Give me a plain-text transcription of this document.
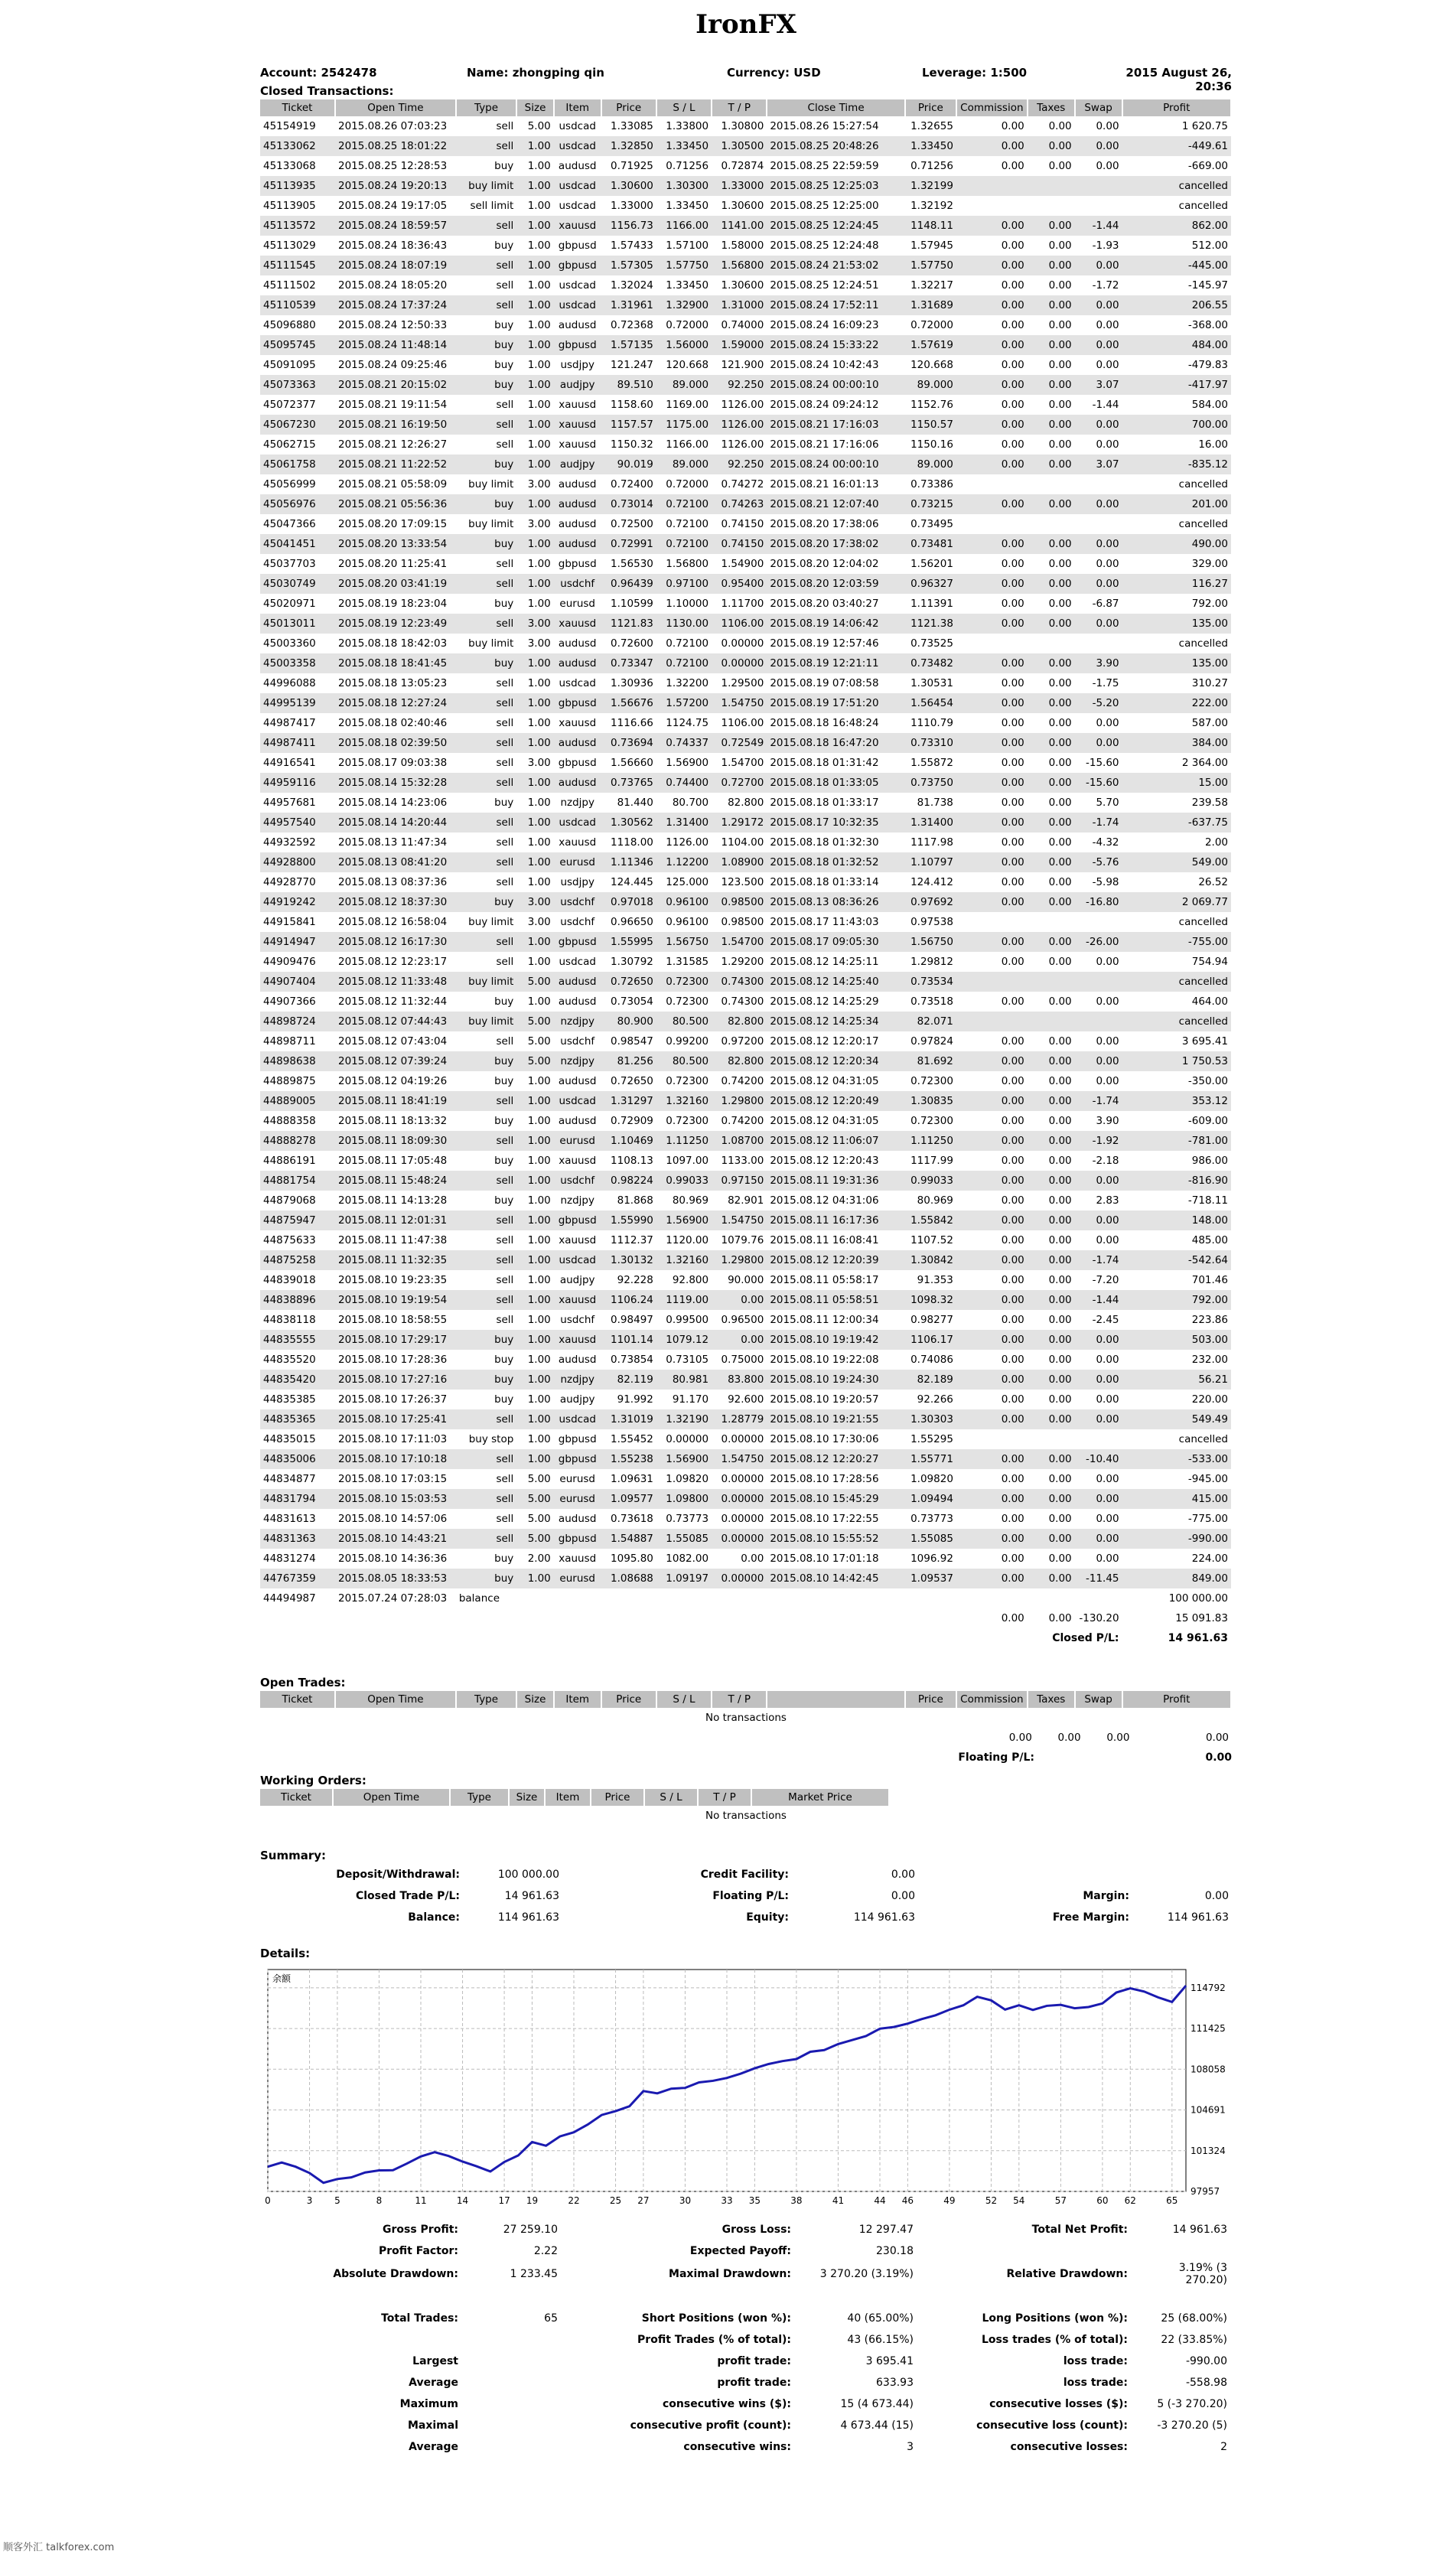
IronFX
Account: 2542478	Name: zhongping qin	Currency: USD	Leverage: 1:500	2015 August 26, 20:36
Closed Transactions:
Ticket	Open Time	Type	Size	Item	Price	S / L	T / P	Close Time	Price	Commission	Taxes	Swap	Profit
45154919	2015.08.26 07:03:23	sell	5.00	usdcad	1.33085	1.33800	1.30800	2015.08.26 15:27:54	1.32655	0.00	0.00	0.00	1 620.75
45133062	2015.08.25 18:01:22	sell	1.00	usdcad	1.32850	1.33450	1.30500	2015.08.25 20:48:26	1.33450	0.00	0.00	0.00	-449.61
45133068	2015.08.25 12:28:53	buy	1.00	audusd	0.71925	0.71256	0.72874	2015.08.25 22:59:59	0.71256	0.00	0.00	0.00	-669.00
45113935	2015.08.24 19:20:13	buy limit	1.00	usdcad	1.30600	1.30300	1.33000	2015.08.25 12:25:03	1.32199				cancelled
45113905	2015.08.24 19:17:05	sell limit	1.00	usdcad	1.33000	1.33450	1.30600	2015.08.25 12:25:00	1.32192				cancelled
45113572	2015.08.24 18:59:57	sell	1.00	xauusd	1156.73	1166.00	1141.00	2015.08.25 12:24:45	1148.11	0.00	0.00	-1.44	862.00
45113029	2015.08.24 18:36:43	buy	1.00	gbpusd	1.57433	1.57100	1.58000	2015.08.25 12:24:48	1.57945	0.00	0.00	-1.93	512.00
45111545	2015.08.24 18:07:19	sell	1.00	gbpusd	1.57305	1.57750	1.56800	2015.08.24 21:53:02	1.57750	0.00	0.00	0.00	-445.00
45111502	2015.08.24 18:05:20	sell	1.00	usdcad	1.32024	1.33450	1.30600	2015.08.25 12:24:51	1.32217	0.00	0.00	-1.72	-145.97
45110539	2015.08.24 17:37:24	sell	1.00	usdcad	1.31961	1.32900	1.31000	2015.08.24 17:52:11	1.31689	0.00	0.00	0.00	206.55
45096880	2015.08.24 12:50:33	buy	1.00	audusd	0.72368	0.72000	0.74000	2015.08.24 16:09:23	0.72000	0.00	0.00	0.00	-368.00
45095745	2015.08.24 11:48:14	buy	1.00	gbpusd	1.57135	1.56000	1.59000	2015.08.24 15:33:22	1.57619	0.00	0.00	0.00	484.00
45091095	2015.08.24 09:25:46	buy	1.00	usdjpy	121.247	120.668	121.900	2015.08.24 10:42:43	120.668	0.00	0.00	0.00	-479.83
45073363	2015.08.21 20:15:02	buy	1.00	audjpy	89.510	89.000	92.250	2015.08.24 00:00:10	89.000	0.00	0.00	3.07	-417.97
45072377	2015.08.21 19:11:54	sell	1.00	xauusd	1158.60	1169.00	1126.00	2015.08.24 09:24:12	1152.76	0.00	0.00	-1.44	584.00
45067230	2015.08.21 16:19:50	sell	1.00	xauusd	1157.57	1175.00	1126.00	2015.08.21 17:16:03	1150.57	0.00	0.00	0.00	700.00
45062715	2015.08.21 12:26:27	sell	1.00	xauusd	1150.32	1166.00	1126.00	2015.08.21 17:16:06	1150.16	0.00	0.00	0.00	16.00
45061758	2015.08.21 11:22:52	buy	1.00	audjpy	90.019	89.000	92.250	2015.08.24 00:00:10	89.000	0.00	0.00	3.07	-835.12
45056999	2015.08.21 05:58:09	buy limit	3.00	audusd	0.72400	0.72000	0.74272	2015.08.21 16:01:13	0.73386				cancelled
45056976	2015.08.21 05:56:36	buy	1.00	audusd	0.73014	0.72100	0.74263	2015.08.21 12:07:40	0.73215	0.00	0.00	0.00	201.00
45047366	2015.08.20 17:09:15	buy limit	3.00	audusd	0.72500	0.72100	0.74150	2015.08.20 17:38:06	0.73495				cancelled
45041451	2015.08.20 13:33:54	buy	1.00	audusd	0.72991	0.72100	0.74150	2015.08.20 17:38:02	0.73481	0.00	0.00	0.00	490.00
45037703	2015.08.20 11:25:41	sell	1.00	gbpusd	1.56530	1.56800	1.54900	2015.08.20 12:04:02	1.56201	0.00	0.00	0.00	329.00
45030749	2015.08.20 03:41:19	sell	1.00	usdchf	0.96439	0.97100	0.95400	2015.08.20 12:03:59	0.96327	0.00	0.00	0.00	116.27
45020971	2015.08.19 18:23:04	buy	1.00	eurusd	1.10599	1.10000	1.11700	2015.08.20 03:40:27	1.11391	0.00	0.00	-6.87	792.00
45013011	2015.08.19 12:23:49	sell	3.00	xauusd	1121.83	1130.00	1106.00	2015.08.19 14:06:42	1121.38	0.00	0.00	0.00	135.00
45003360	2015.08.18 18:42:03	buy limit	3.00	audusd	0.72600	0.72100	0.00000	2015.08.19 12:57:46	0.73525				cancelled
45003358	2015.08.18 18:41:45	buy	1.00	audusd	0.73347	0.72100	0.00000	2015.08.19 12:21:11	0.73482	0.00	0.00	3.90	135.00
44996088	2015.08.18 13:05:23	sell	1.00	usdcad	1.30936	1.32200	1.29500	2015.08.19 07:08:58	1.30531	0.00	0.00	-1.75	310.27
44995139	2015.08.18 12:27:24	sell	1.00	gbpusd	1.56676	1.57200	1.54750	2015.08.19 17:51:20	1.56454	0.00	0.00	-5.20	222.00
44987417	2015.08.18 02:40:46	sell	1.00	xauusd	1116.66	1124.75	1106.00	2015.08.18 16:48:24	1110.79	0.00	0.00	0.00	587.00
44987411	2015.08.18 02:39:50	sell	1.00	audusd	0.73694	0.74337	0.72549	2015.08.18 16:47:20	0.73310	0.00	0.00	0.00	384.00
44916541	2015.08.17 09:03:38	sell	3.00	gbpusd	1.56660	1.56900	1.54700	2015.08.18 01:31:42	1.55872	0.00	0.00	-15.60	2 364.00
44959116	2015.08.14 15:32:28	sell	1.00	audusd	0.73765	0.74400	0.72700	2015.08.18 01:33:05	0.73750	0.00	0.00	-15.60	15.00
44957681	2015.08.14 14:23:06	buy	1.00	nzdjpy	81.440	80.700	82.800	2015.08.18 01:33:17	81.738	0.00	0.00	5.70	239.58
44957540	2015.08.14 14:20:44	sell	1.00	usdcad	1.30562	1.31400	1.29172	2015.08.17 10:32:35	1.31400	0.00	0.00	-1.74	-637.75
44932592	2015.08.13 11:47:34	sell	1.00	xauusd	1118.00	1126.00	1104.00	2015.08.18 01:32:30	1117.98	0.00	0.00	-4.32	2.00
44928800	2015.08.13 08:41:20	sell	1.00	eurusd	1.11346	1.12200	1.08900	2015.08.18 01:32:52	1.10797	0.00	0.00	-5.76	549.00
44928770	2015.08.13 08:37:36	sell	1.00	usdjpy	124.445	125.000	123.500	2015.08.18 01:33:14	124.412	0.00	0.00	-5.98	26.52
44919242	2015.08.12 18:37:30	buy	3.00	usdchf	0.97018	0.96100	0.98500	2015.08.13 08:36:26	0.97692	0.00	0.00	-16.80	2 069.77
44915841	2015.08.12 16:58:04	buy limit	3.00	usdchf	0.96650	0.96100	0.98500	2015.08.17 11:43:03	0.97538				cancelled
44914947	2015.08.12 16:17:30	sell	1.00	gbpusd	1.55995	1.56750	1.54700	2015.08.17 09:05:30	1.56750	0.00	0.00	-26.00	-755.00
44909476	2015.08.12 12:23:17	sell	1.00	usdcad	1.30792	1.31585	1.29200	2015.08.12 14:25:11	1.29812	0.00	0.00	0.00	754.94
44907404	2015.08.12 11:33:48	buy limit	5.00	audusd	0.72650	0.72300	0.74300	2015.08.12 14:25:40	0.73534				cancelled
44907366	2015.08.12 11:32:44	buy	1.00	audusd	0.73054	0.72300	0.74300	2015.08.12 14:25:29	0.73518	0.00	0.00	0.00	464.00
44898724	2015.08.12 07:44:43	buy limit	5.00	nzdjpy	80.900	80.500	82.800	2015.08.12 14:25:34	82.071				cancelled
44898711	2015.08.12 07:43:04	sell	5.00	usdchf	0.98547	0.99200	0.97200	2015.08.12 12:20:17	0.97824	0.00	0.00	0.00	3 695.41
44898638	2015.08.12 07:39:24	buy	5.00	nzdjpy	81.256	80.500	82.800	2015.08.12 12:20:34	81.692	0.00	0.00	0.00	1 750.53
44889875	2015.08.12 04:19:26	buy	1.00	audusd	0.72650	0.72300	0.74200	2015.08.12 04:31:05	0.72300	0.00	0.00	0.00	-350.00
44889005	2015.08.11 18:41:19	sell	1.00	usdcad	1.31297	1.32160	1.29800	2015.08.12 12:20:49	1.30835	0.00	0.00	-1.74	353.12
44888358	2015.08.11 18:13:32	buy	1.00	audusd	0.72909	0.72300	0.74200	2015.08.12 04:31:05	0.72300	0.00	0.00	3.90	-609.00
44888278	2015.08.11 18:09:30	sell	1.00	eurusd	1.10469	1.11250	1.08700	2015.08.12 11:06:07	1.11250	0.00	0.00	-1.92	-781.00
44886191	2015.08.11 17:05:48	buy	1.00	xauusd	1108.13	1097.00	1133.00	2015.08.12 12:20:43	1117.99	0.00	0.00	-2.18	986.00
44881754	2015.08.11 15:48:24	sell	1.00	usdchf	0.98224	0.99033	0.97150	2015.08.11 19:31:36	0.99033	0.00	0.00	0.00	-816.90
44879068	2015.08.11 14:13:28	buy	1.00	nzdjpy	81.868	80.969	82.901	2015.08.12 04:31:06	80.969	0.00	0.00	2.83	-718.11
44875947	2015.08.11 12:01:31	sell	1.00	gbpusd	1.55990	1.56900	1.54750	2015.08.11 16:17:36	1.55842	0.00	0.00	0.00	148.00
44875633	2015.08.11 11:47:38	sell	1.00	xauusd	1112.37	1120.00	1079.76	2015.08.11 16:08:41	1107.52	0.00	0.00	0.00	485.00
44875258	2015.08.11 11:32:35	sell	1.00	usdcad	1.30132	1.32160	1.29800	2015.08.12 12:20:39	1.30842	0.00	0.00	-1.74	-542.64
44839018	2015.08.10 19:23:35	sell	1.00	audjpy	92.228	92.800	90.000	2015.08.11 05:58:17	91.353	0.00	0.00	-7.20	701.46
44838896	2015.08.10 19:19:54	sell	1.00	xauusd	1106.24	1119.00	0.00	2015.08.11 05:58:51	1098.32	0.00	0.00	-1.44	792.00
44838118	2015.08.10 18:58:55	sell	1.00	usdchf	0.98497	0.99500	0.96500	2015.08.11 12:00:34	0.98277	0.00	0.00	-2.45	223.86
44835555	2015.08.10 17:29:17	buy	1.00	xauusd	1101.14	1079.12	0.00	2015.08.10 19:19:42	1106.17	0.00	0.00	0.00	503.00
44835520	2015.08.10 17:28:36	buy	1.00	audusd	0.73854	0.73105	0.75000	2015.08.10 19:22:08	0.74086	0.00	0.00	0.00	232.00
44835420	2015.08.10 17:27:16	buy	1.00	nzdjpy	82.119	80.981	83.800	2015.08.10 19:24:30	82.189	0.00	0.00	0.00	56.21
44835385	2015.08.10 17:26:37	buy	1.00	audjpy	91.992	91.170	92.600	2015.08.10 19:20:57	92.266	0.00	0.00	0.00	220.00
44835365	2015.08.10 17:25:41	sell	1.00	usdcad	1.31019	1.32190	1.28779	2015.08.10 19:21:55	1.30303	0.00	0.00	0.00	549.49
44835015	2015.08.10 17:11:03	buy stop	1.00	gbpusd	1.55452	0.00000	0.00000	2015.08.10 17:30:06	1.55295				cancelled
44835006	2015.08.10 17:10:18	sell	1.00	gbpusd	1.55238	1.56900	1.54750	2015.08.12 12:20:27	1.55771	0.00	0.00	-10.40	-533.00
44834877	2015.08.10 17:03:15	sell	5.00	eurusd	1.09631	1.09820	0.00000	2015.08.10 17:28:56	1.09820	0.00	0.00	0.00	-945.00
44831794	2015.08.10 15:03:53	sell	5.00	eurusd	1.09577	1.09800	0.00000	2015.08.10 15:45:29	1.09494	0.00	0.00	0.00	415.00
44831613	2015.08.10 14:57:06	sell	5.00	audusd	0.73618	0.73773	0.00000	2015.08.10 17:22:55	0.73773	0.00	0.00	0.00	-775.00
44831363	2015.08.10 14:43:21	sell	5.00	gbpusd	1.54887	1.55085	0.00000	2015.08.10 15:55:52	1.55085	0.00	0.00	0.00	-990.00
44831274	2015.08.10 14:36:36	buy	2.00	xauusd	1095.80	1082.00	0.00	2015.08.10 17:01:18	1096.92	0.00	0.00	0.00	224.00
44767359	2015.08.05 18:33:53	buy	1.00	eurusd	1.08688	1.09197	0.00000	2015.08.10 14:42:45	1.09537	0.00	0.00	-11.45	849.00
44494987	2015.07.24 07:28:03	balance											100 000.00
										0.00	0.00	-130.20	15 091.83
										Closed P/L:			14 961.63
Open Trades:
Ticket	Open Time	Type	Size	Item	Price	S / L	T / P		Price	Commission	Taxes	Swap	Profit
No transactions
0.00	0.00	0.00	0.00
Floating P/L:	0.00
Working Orders:
Ticket	Open Time	Type	Size	Item	Price	S / L	T / P	Market Price
No transactions
Summary:
Deposit/Withdrawal:	100 000.00	Credit Facility:	0.00		
Closed Trade P/L:	14 961.63	Floating P/L:	0.00	Margin:	0.00
Balance:	114 961.63	Equity:	114 961.63	Free Margin:	114 961.63
Details:
0	3 5	8	11	14	17 19	22	25 27	30	33 35	38	41	44 46	49	52 54	57	60 62	65
114792
111425
108058
104691
101324
97957
余额
Gross Profit:	27 259.10	Gross Loss:	12 297.47	Total Net Profit:	14 961.63
Profit Factor:	2.22	Expected Payoff:	230.18		
Absolute Drawdown:	1 233.45	Maximal Drawdown:	3 270.20 (3.19%)	Relative Drawdown:	3.19% (3 270.20)

Total Trades:	65	Short Positions (won %):	40 (65.00%)	Long Positions (won %):	25 (68.00%)
		Profit Trades (% of total):	43 (66.15%)	Loss trades (% of total):	22 (33.85%)
Largest		profit trade:	3 695.41	loss trade:	-990.00
Average		profit trade:	633.93	loss trade:	-558.98
Maximum		consecutive wins ($):	15 (4 673.44)	consecutive losses ($):	5 (-3 270.20)
Maximal		consecutive profit (count):	4 673.44 (15)	consecutive loss (count):	-3 270.20 (5)
Average		consecutive wins:	3	consecutive losses:	2
顺客外汇 talkforex.com
